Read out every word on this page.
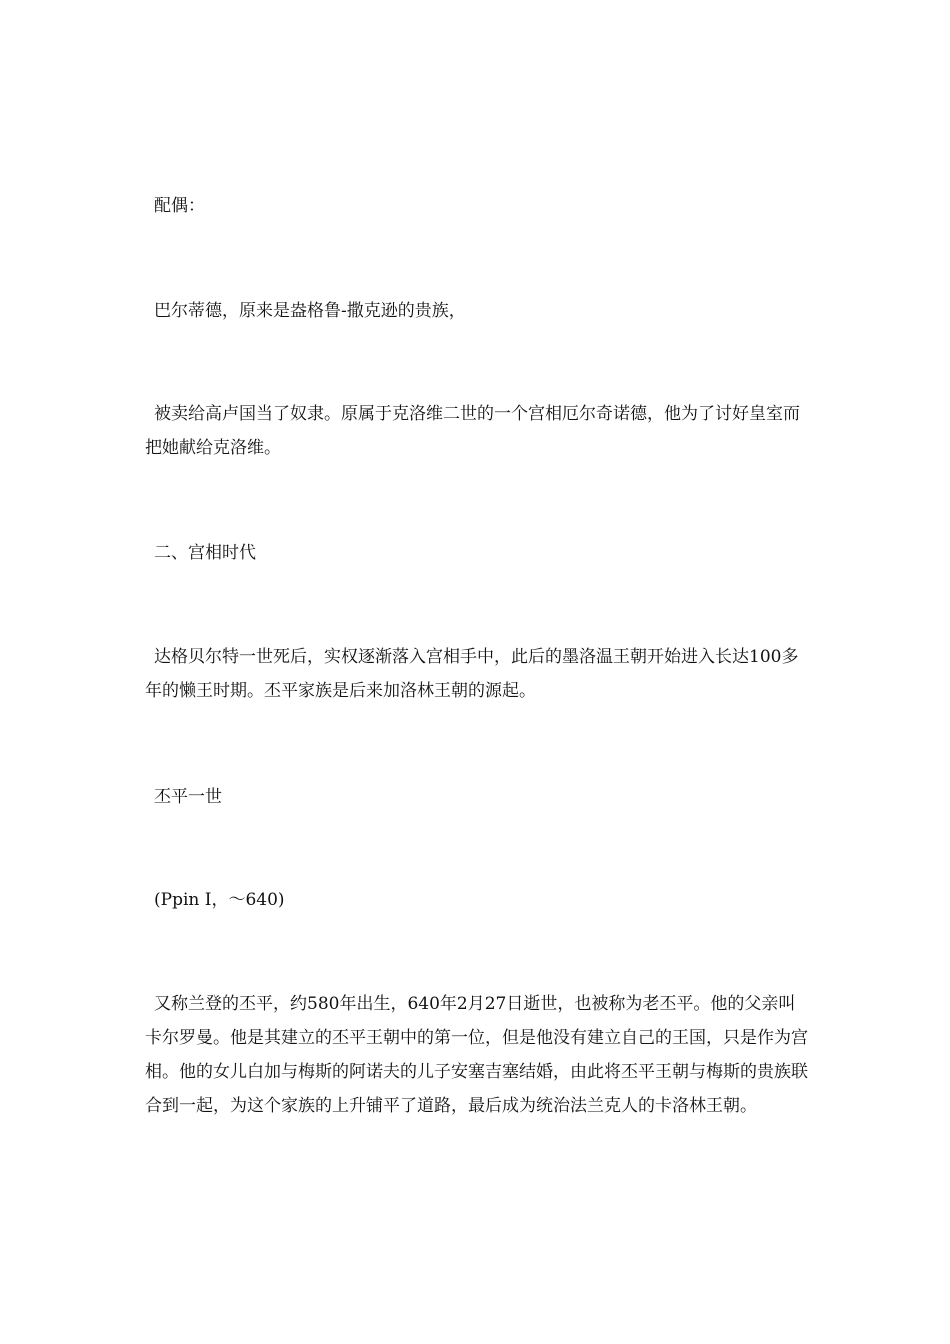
配偶：

巴尔蒂德，原来是盎格鲁-撒克逊的贵族，

被卖给高卢国当了奴隶。原属于克洛维二世的一个宫相厄尔奇诺德，他为了讨好皇室而把她献给克洛维。

二、宫相时代

达格贝尔特一世死后，实权逐渐落入宫相手中，此后的墨洛温王朝开始进入长达100多年的懒王时期。丕平家族是后来加洛林王朝的源起。

丕平一世

(Ppin I，～640)

又称兰登的丕平，约580年出生，640年2月27日逝世，也被称为老丕平。他的父亲叫卡尔罗曼。他是其建立的丕平王朝中的第一位，但是他没有建立自己的王国，只是作为宫相。他的女儿白加与梅斯的阿诺夫的儿子安塞吉塞结婚，由此将丕平王朝与梅斯的贵族联合到一起，为这个家族的上升铺平了道路，最后成为统治法兰克人的卡洛林王朝。
